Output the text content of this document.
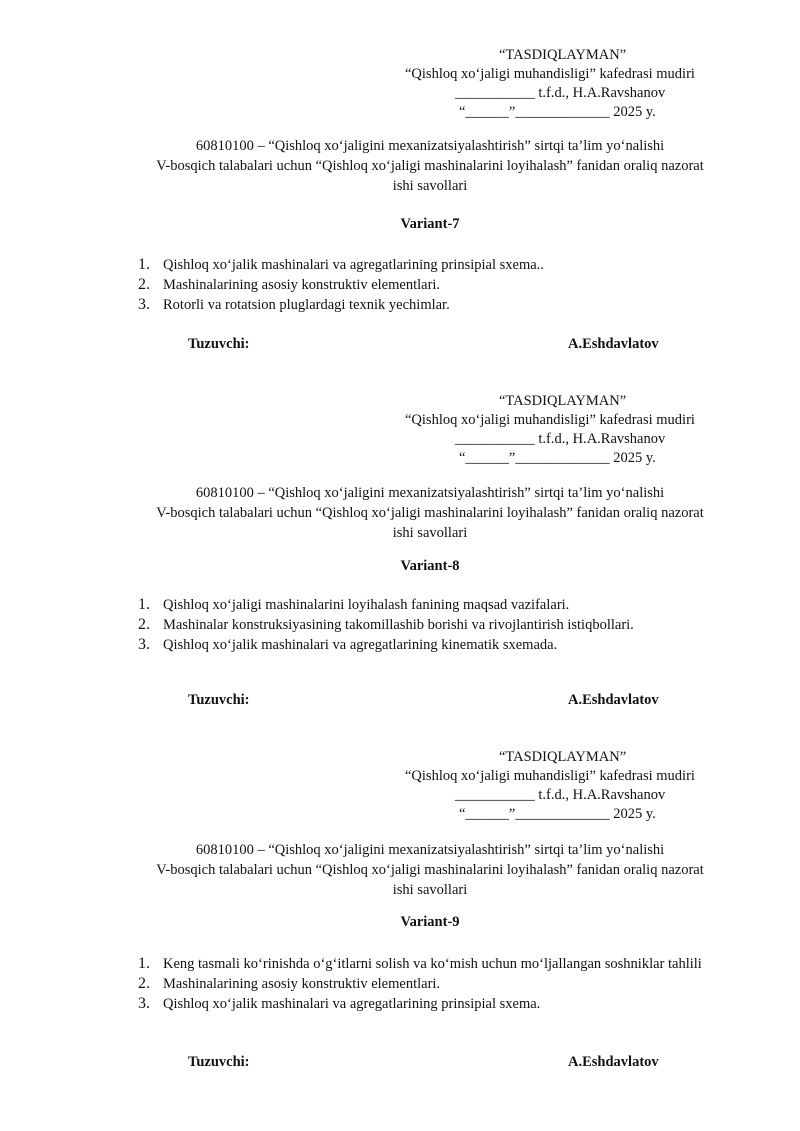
“TASDIQLAYMAN”
“Qishloq xoʻjaligi muhandisligi” kafedrasi mudiri
___________ t.f.d., H.A.Ravshanov
“______”_____________ 2025 y.
60810100 – “Qishloq xoʻjaligini mexanizatsiyalashtirish” sirtqi ta’lim yoʻnalishi
V-bosqich talabalari uchun “Qishloq xoʻjaligi mashinalarini loyihalash” fanidan oraliq nazorat
ishi savollari
Variant-7
1. Qishloq xoʻjalik mashinalari va agregatlarining prinsipial sxema..
2. Mashinalarining asosiy konstruktiv elementlari.
3. Rotorli va rotatsion pluglardagi texnik yechimlar.
Tuzuvchi:	A.Eshdavlatov
“TASDIQLAYMAN”
“Qishloq xoʻjaligi muhandisligi” kafedrasi mudiri
___________ t.f.d., H.A.Ravshanov
“______”_____________ 2025 y.
60810100 – “Qishloq xoʻjaligini mexanizatsiyalashtirish” sirtqi ta’lim yoʻnalishi
V-bosqich talabalari uchun “Qishloq xoʻjaligi mashinalarini loyihalash” fanidan oraliq nazorat
ishi savollari
Variant-8
1. Qishloq xoʻjaligi mashinalarini loyihalash fanining maqsad vazifalari.
2. Mashinalar konstruksiyasining takomillashib borishi va rivojlantirish istiqbollari.
3. Qishloq xoʻjalik mashinalari va agregatlarining kinematik sxemada.
Tuzuvchi:	A.Eshdavlatov
“TASDIQLAYMAN”
“Qishloq xoʻjaligi muhandisligi” kafedrasi mudiri
___________ t.f.d., H.A.Ravshanov
“______”_____________ 2025 y.
60810100 – “Qishloq xoʻjaligini mexanizatsiyalashtirish” sirtqi ta’lim yoʻnalishi
V-bosqich talabalari uchun “Qishloq xoʻjaligi mashinalarini loyihalash” fanidan oraliq nazorat
ishi savollari
Variant-9
1. Keng tasmali koʻrinishda oʻgʻitlarni solish va koʻmish uchun moʻljallangan soshniklar tahlili
2. Mashinalarining asosiy konstruktiv elementlari.
3. Qishloq xoʻjalik mashinalari va agregatlarining prinsipial sxema.
Tuzuvchi:	A.Eshdavlatov
